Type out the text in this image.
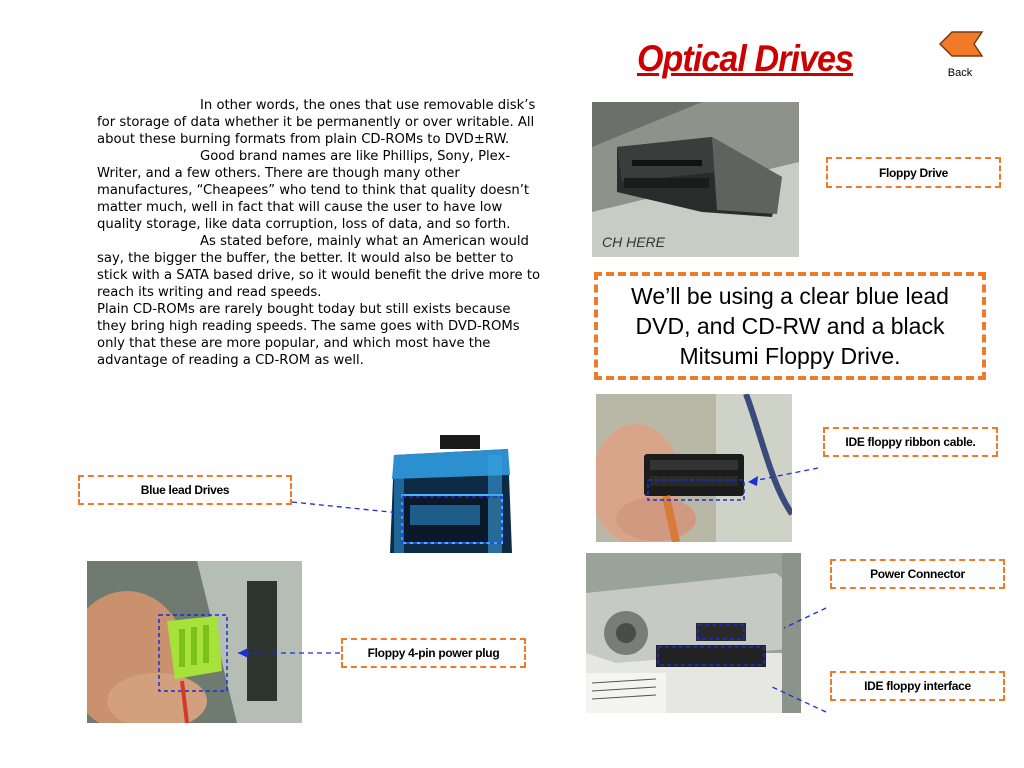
Optical Drives	Back

In other words, the ones that use removable disk’s for storage of data whether it be permanently or over writable. All about these burning formats from plain CD-ROMs to DVD±RW.

Good brand names are like Phillips, Sony, Plex-Writer, and a few others. There are though many other manufactures, “Cheapees” who tend to think that quality doesn’t matter much, well in fact that will cause the user to have low quality storage, like data corruption, loss of data, and so forth.

As stated before, mainly what an American would say, the bigger the buffer, the better. It would also be better to stick with a SATA based drive, so it would benefit the drive more to reach its writing and read speeds.

Plain CD-ROMs are rarely bought today but still exists because they bring high reading speeds. The same goes with DVD-ROMs only that these are more popular, and which most have the advantage of reading a CD-ROM as well.

CH HERE
Floppy Drive
We’ll be using a clear blue lead DVD, and CD-RW and a black Mitsumi Floppy Drive.
IDE floppy ribbon cable.
Blue lead Drives
Power Connector
IDE floppy interface
Floppy 4-pin power plug
